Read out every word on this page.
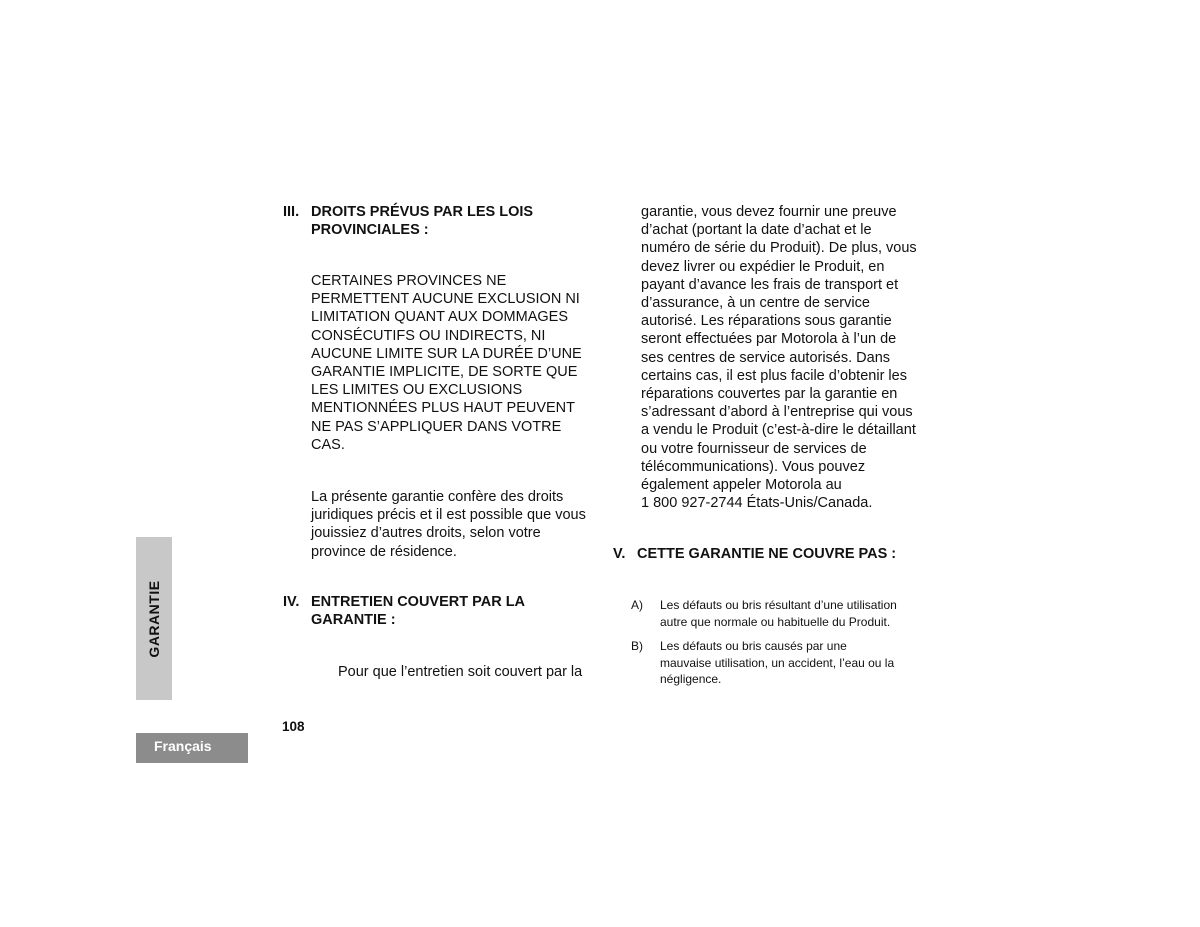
GARANTIE
Français
108
III. DROITS PRÉVUS PAR LES LOIS
PROVINCIALES :
CERTAINES PROVINCES NE
PERMETTENT AUCUNE EXCLUSION NI
LIMITATION QUANT AUX DOMMAGES
CONSÉCUTIFS OU INDIRECTS, NI
AUCUNE LIMITE SUR LA DURÉE D’UNE
GARANTIE IMPLICITE, DE SORTE QUE
LES LIMITES OU EXCLUSIONS
MENTIONNÉES PLUS HAUT PEUVENT
NE PAS S’APPLIQUER DANS VOTRE
CAS.
La présente garantie confère des droits
juridiques précis et il est possible que vous
jouissiez d’autres droits, selon votre
province de résidence.
IV. ENTRETIEN COUVERT PAR LA
GARANTIE :
Pour que l’entretien soit couvert par la
garantie, vous devez fournir une preuve
d’achat (portant la date d’achat et le
numéro de série du Produit). De plus, vous
devez livrer ou expédier le Produit, en
payant d’avance les frais de transport et
d’assurance, à un centre de service
autorisé. Les réparations sous garantie
seront effectuées par Motorola à l’un de
ses centres de service autorisés. Dans
certains cas, il est plus facile d’obtenir les
réparations couvertes par la garantie en
s’adressant d’abord à l’entreprise qui vous
a vendu le Produit (c’est-à-dire le détaillant
ou votre fournisseur de services de
télécommunications). Vous pouvez
également appeler Motorola au
1 800 927-2744 États-Unis/Canada.
V. CETTE GARANTIE NE COUVRE PAS :
A) Les défauts ou bris résultant d’une utilisation
autre que normale ou habituelle du Produit.
B) Les défauts ou bris causés par une
mauvaise utilisation, un accident, l’eau ou la
négligence.
